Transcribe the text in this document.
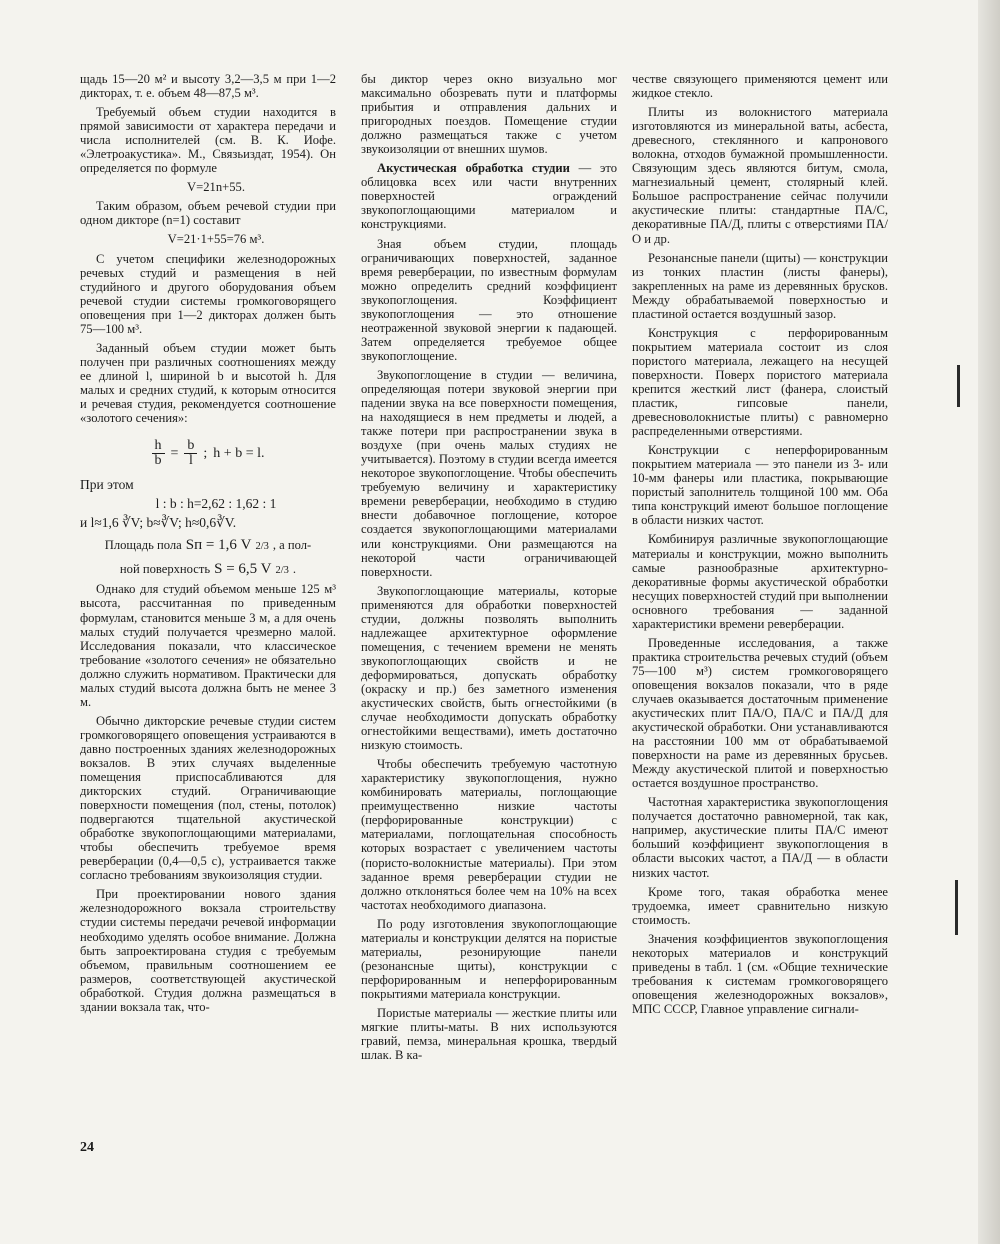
щадь 15—20 м² и высоту 3,2—3,5 м при 1—2 дикторах, т. е. объем 48—87,5 м³.

Требуемый объем студии находится в прямой зависимости от характера передачи и числа исполнителей (см. В. К. Иофе. «Элетроакустика». М., Связьиздат, 1954). Он определяется по формуле

V=21n+55.

Таким образом, объем речевой студии при одном дикторе (n=1) составит

V=21·1+55=76 м³.

С учетом специфики железнодорожных речевых студий и размещения в ней студийного и другого оборудования объем речевой студии системы громкоговорящего оповещения при 1—2 дикторах должен быть 75—100 м³.

Заданный объем студии может быть получен при различных соотношениях между ее длиной l, шириной b и высотой h. Для малых и средних студий, к которым относится и речевая студия, рекомендуется соотношение «золотого сечения»:

$\frac{h}{b} = \frac{b}{l}$ ; h + b = l.

При этом

l : b : h=2,62 : 1,62 : 1

и l≈1,6 ∛V; b≈∛V; h≈0,6∛V.

Площадь пола Sп = 1,6 V 2/3 , а пол-
ной поверхность S = 6,5 V 2/3 .

Однако для студий объемом меньше 125 м³ высота, рассчитанная по приведенным формулам, становится меньше 3 м, а для очень малых студий получается чрезмерно малой. Исследования показали, что классическое требование «золотого сечения» не обязательно должно служить нормативом. Практически для малых студий высота должна быть не менее 3 м.

Обычно дикторские речевые студии систем громкоговорящего оповещения устраиваются в давно построенных зданиях железнодорожных вокзалов. В этих случаях выделенные помещения приспосабливаются для дикторских студий. Ограничивающие поверхности помещения (пол, стены, потолок) подвергаются тщательной акустической обработке звукопоглощающими материалами, чтобы обеспечить требуемое время реверберации (0,4—0,5 с), устраивается также согласно требованиям звукоизоляция студии.

При проектировании нового здания железнодорожного вокзала строительству студии системы передачи речевой информации необходимо уделять особое внимание. Должна быть запроектирована студия с требуемым объемом, правильным соотношением ее размеров, соответствующей акустической обработкой. Студия должна размещаться в здании вокзала так, что-

бы диктор через окно визуально мог максимально обозревать пути и платформы прибытия и отправления дальних и пригородных поездов. Помещение студии должно размещаться также с учетом звукоизоляции от внешних шумов.

Акустическая обработка студии — это облицовка всех или части внутренних поверхностей ограждений звукопоглощающими материалом и конструкциями.

Зная объем студии, площадь ограничивающих поверхностей, заданное время реверберации, по известным формулам можно определить средний коэффициент звукопоглощения. Коэффициент звукопоглощения — это отношение неотраженной звуковой энергии к падающей. Затем определяется требуемое общее звукопоглощение.

Звукопоглощение в студии — величина, определяющая потери звуковой энергии при падении звука на все поверхности помещения, на находящиеся в нем предметы и людей, а также потери при распространении звука в воздухе (при очень малых студиях не учитывается). Поэтому в студии всегда имеется некоторое звукопоглощение. Чтобы обеспечить требуемую величину и характеристику времени реверберации, необходимо в студию внести добавочное поглощение, которое создается звукопоглощающими материалами или конструкциями. Они размещаются на некоторой части ограничивающей поверхности.

Звукопоглощающие материалы, которые применяются для обработки поверхностей студии, должны позволять выполнить надлежащее архитектурное оформление помещения, с течением времени не менять звукопоглощающих свойств и не деформироваться, допускать обработку (окраску и пр.) без заметного изменения акустических свойств, быть огнестойкими (в случае необходимости допускать обработку огнестойкими веществами), иметь достаточно низкую стоимость.

Чтобы обеспечить требуемую частотную характеристику звукопоглощения, нужно комбинировать материалы, поглощающие преимущественно низкие частоты (перфорированные конструкции) с материалами, поглощательная способность которых возрастает с увеличением частоты (пористо-волокнистые материалы). При этом заданное время реверберации студии не должно отклоняться более чем на 10% на всех частотах необходимого диапазона.

По роду изготовления звукопоглощающие материалы и конструкции делятся на пористые материалы, резонирующие панели (резонансные щиты), конструкции с перфорированным и неперфорированным покрытиями материала конструкции.

Пористые материалы — жесткие плиты или мягкие плиты-маты. В них используются гравий, пемза, минеральная крошка, твердый шлак. В ка-

честве связующего применяются цемент или жидкое стекло.

Плиты из волокнистого материала изготовляются из минеральной ваты, асбеста, древесного, стеклянного и капронового волокна, отходов бумажной промышленности. Связующим здесь являются битум, смола, магнезиальный цемент, столярный клей. Большое распространение сейчас получили акустические плиты: стандартные ПА/С, декоративные ПА/Д, плиты с отверстиями ПА/О и др.

Резонансные панели (щиты) — конструкции из тонких пластин (листы фанеры), закрепленных на раме из деревянных брусков. Между обрабатываемой поверхностью и пластиной остается воздушный зазор.

Конструкция с перфорированным покрытием материала состоит из слоя пористого материала, лежащего на несущей поверхности. Поверх пористого материала крепится жесткий лист (фанера, слоистый пластик, гипсовые панели, древесноволокнистые плиты) с равномерно распределенными отверстиями.

Конструкции с неперфорированным покрытием материала — это панели из 3- или 10-мм фанеры или пластика, покрывающие пористый заполнитель толщиной 100 мм. Оба типа конструкций имеют большое поглощение в области низких частот.

Комбинируя различные звукопоглощающие материалы и конструкции, можно выполнить самые разнообразные архитектурно-декоративные формы акустической обработки несущих поверхностей студий при выполнении основного требования — заданной характеристики времени реверберации.

Проведенные исследования, а также практика строительства речевых студий (объем 75—100 м³) систем громкоговорящего оповещения вокзалов показали, что в ряде случаев оказывается достаточным применение акустических плит ПА/О, ПА/С и ПА/Д для акустической обработки. Они устанавливаются на расстоянии 100 мм от обрабатываемой поверхности на раме из деревянных брусьев. Между акустической плитой и поверхностью остается воздушное пространство.

Частотная характеристика звукопоглощения получается достаточно равномерной, так как, например, акустические плиты ПА/С имеют больший коэффициент звукопоглощения в области высоких частот, а ПА/Д — в области низких частот.

Кроме того, такая обработка менее трудоемка, имеет сравнительно низкую стоимость.

Значения коэффициентов звукопоглощения некоторых материалов и конструкций приведены в табл. 1 (см. «Общие технические требования к системам громкоговорящего оповещения железнодорожных вокзалов», МПС СССР, Главное управление сигнали-

24
